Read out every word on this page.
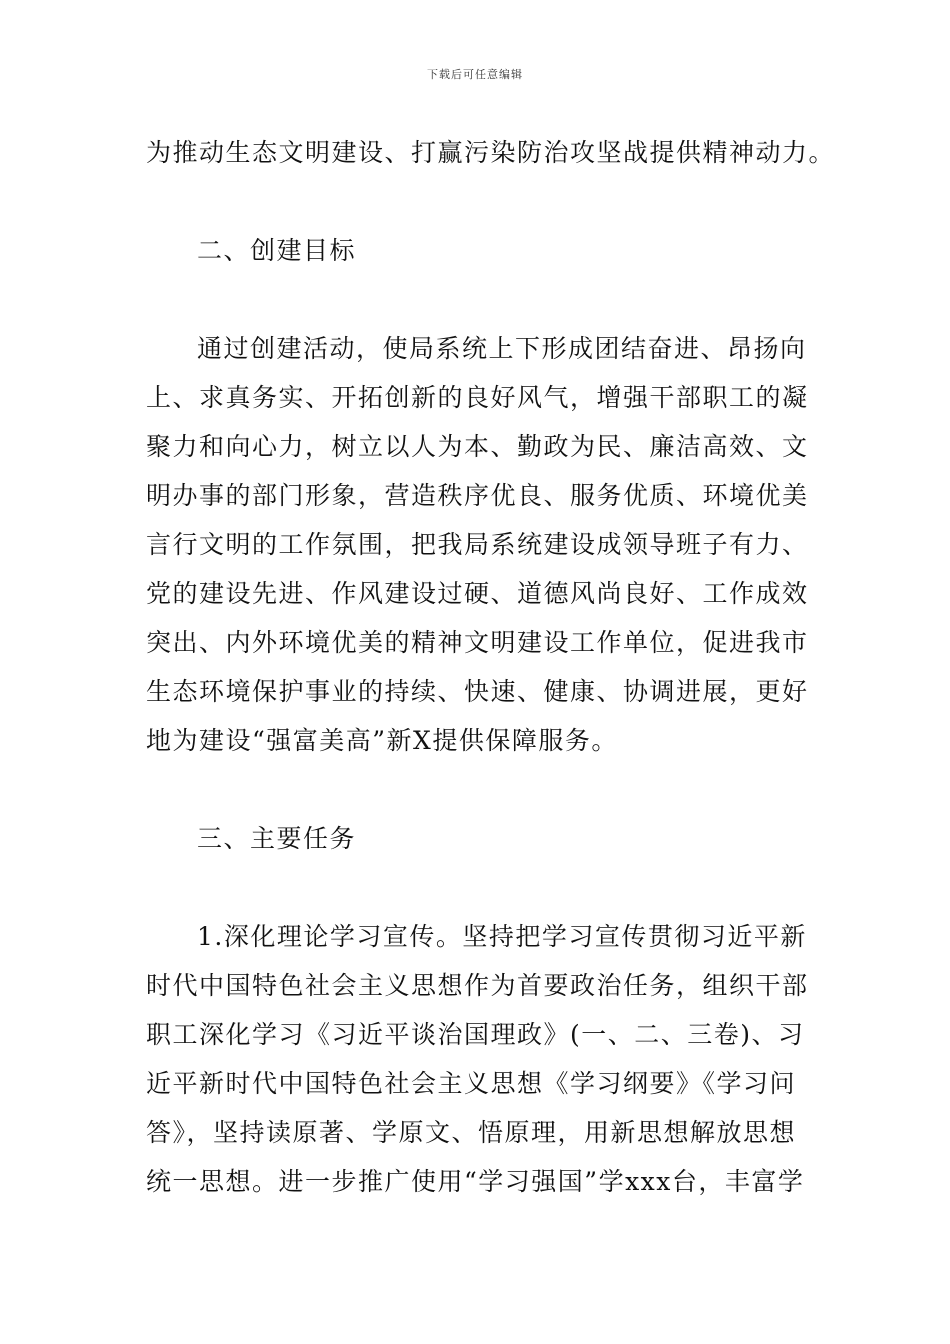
下载后可任意编辑
为推动生态文明建设、打赢污染防治攻坚战提供精神动力。
二、创建目标
通过创建活动，使局系统上下形成团结奋进、昂扬向
上、求真务实、开拓创新的良好风气，增强干部职工的凝
聚力和向心力，树立以人为本、勤政为民、廉洁高效、文
明办事的部门形象，营造秩序优良、服务优质、环境优美
言行文明的工作氛围，把我局系统建设成领导班子有力、
党的建设先进、作风建设过硬、道德风尚良好、工作成效
突出、内外环境优美的精神文明建设工作单位，促进我市
生态环境保护事业的持续、快速、健康、协调进展，更好
地为建设“强富美高”新X提供保障服务。
三、主要任务
1.深化理论学习宣传。坚持把学习宣传贯彻习近平新
时代中国特色社会主义思想作为首要政治任务，组织干部
职工深化学习《习近平谈治国理政》(一、二、三卷)、习
近平新时代中国特色社会主义思想《学习纲要》《学习问
答》，坚持读原著、学原文、悟原理，用新思想解放思想
统一思想。进一步推广使用“学习强国”学xxx台，丰富学
